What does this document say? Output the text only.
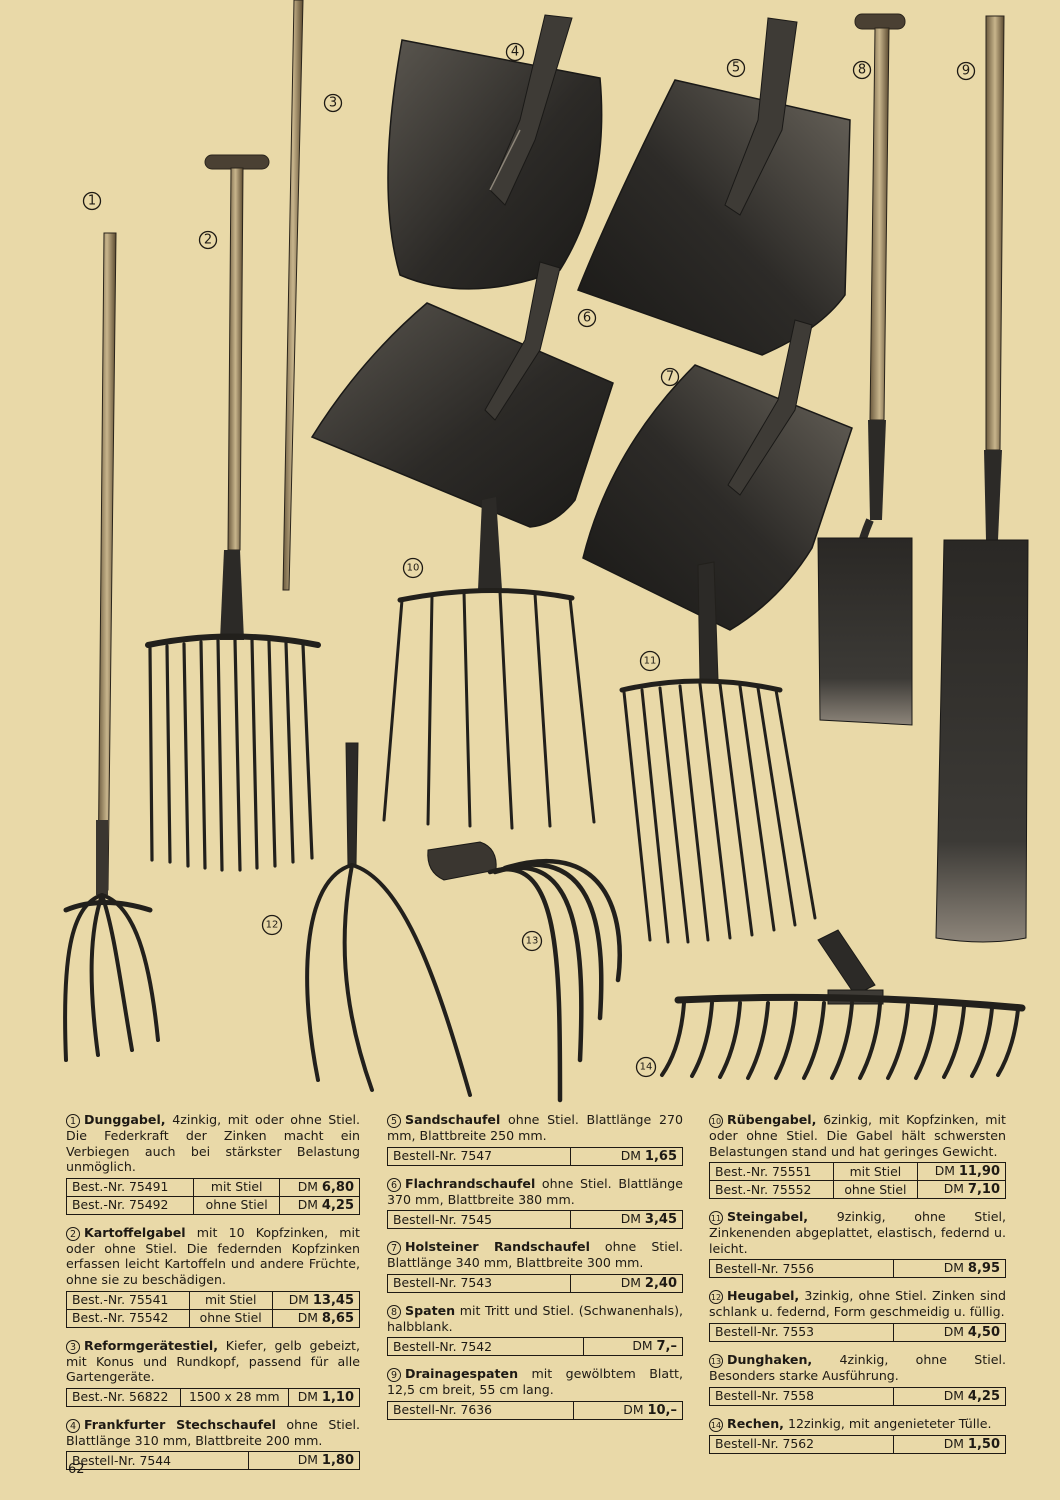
1
2
3
4
5
6
7
8	9
10
11
12
13
14

1 Dunggabel, 4zinkig, mit oder ohne Stiel. Die Federkraft der Zinken macht ein Verbiegen auch bei stärkster Belastung unmöglich.

Best.-Nr. 75491	mit Stiel	DM 6,80
Best.-Nr. 75492	ohne Stiel	DM 4,25

2 Kartoffelgabel mit 10 Kopfzinken, mit oder ohne Stiel. Die federnden Kopfzinken erfassen leicht Kartoffeln und andere Früchte, ohne sie zu beschädigen.

Best.-Nr. 75541	mit Stiel	DM 13,45
Best.-Nr. 75542	ohne Stiel	DM 8,65

3 Reformgerätestiel, Kiefer, gelb gebeizt, mit Konus und Rundkopf, passend für alle Gartengeräte.

Best.-Nr. 56822	1500 x 28 mm	DM 1,10

4 Frankfurter Stechschaufel ohne Stiel. Blattlänge 310 mm, Blattbreite 200 mm.

Bestell-Nr. 7544	DM 1,80

5 Sandschaufel ohne Stiel. Blattlänge 270 mm, Blattbreite 250 mm.

Bestell-Nr. 7547	DM 1,65

6 Flachrandschaufel ohne Stiel. Blattlänge 370 mm, Blattbreite 380 mm.

Bestell-Nr. 7545	DM 3,45

7 Holsteiner Randschaufel ohne Stiel. Blattlänge 340 mm, Blattbreite 300 mm.

Bestell-Nr. 7543	DM 2,40

8 Spaten mit Tritt und Stiel. (Schwanenhals), halbblank.

Bestell-Nr. 7542	DM 7,–

9 Drainagespaten mit gewölbtem Blatt, 12,5 cm breit, 55 cm lang.

Bestell-Nr. 7636	DM 10,–

10 Rübengabel, 6zinkig, mit Kopfzinken, mit oder ohne Stiel. Die Gabel hält schwersten Belastungen stand und hat geringes Gewicht.

Best.-Nr. 75551	mit Stiel	DM 11,90
Best.-Nr. 75552	ohne Stiel	DM 7,10

11 Steingabel, 9zinkig, ohne Stiel, Zinkenenden abgeplattet, elastisch, federnd u. leicht.

Bestell-Nr. 7556	DM 8,95

12 Heugabel, 3zinkig, ohne Stiel. Zinken sind schlank u. federnd, Form geschmeidig u. füllig.

Bestell-Nr. 7553	DM 4,50

13 Dunghaken, 4zinkig, ohne Stiel. Besonders starke Ausführung.

Bestell-Nr. 7558	DM 4,25

14 Rechen, 12zinkig, mit angenieteter Tülle.

Bestell-Nr. 7562	DM 1,50
62
